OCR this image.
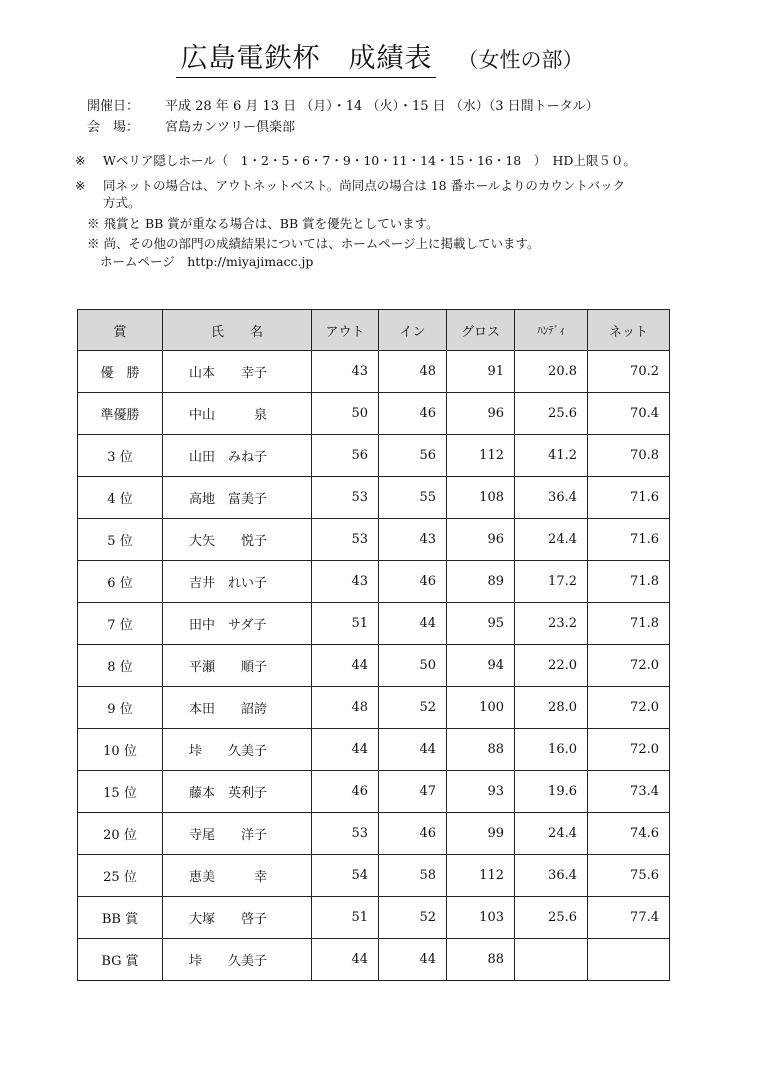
広島電鉄杯　成績表 （女性の部）
開催日： 平成 28 年 6 月 13 日 （月）・14 （火）・15 日 （水）（3 日間トータル）
会　場： 宮島カンツリー倶楽部
※ Wペリア隠しホール（　1・2・5・6・7・9・10・11・14・15・16・18　）　HD上限５０。
※ 同ネットの場合は、アウトネットベスト。尚同点の場合は 18 番ホールよりのカウントバック
方式。
※ 飛賞と BB 賞が重なる場合は、BB 賞を優先としています。
※ 尚、その他の部門の成績結果については、ホームページ上に掲載しています。
ホームページ　http://miyajimacc.jp
賞	氏　　名	アウト	イン	グロス	ﾊﾝﾃﾞｨ	ネット
優　勝	山本　　幸子	43	48	91	20.8	70.2
準優勝	中山　　　泉	50	46	96	25.6	70.4
3 位	山田　みね子	56	56	112	41.2	70.8
4 位	高地　富美子	53	55	108	36.4	71.6
5 位	大矢　　悦子	53	43	96	24.4	71.6
6 位	吉井　れい子	43	46	89	17.2	71.8
7 位	田中　サダ子	51	44	95	23.2	71.8
8 位	平瀬　　順子	44	50	94	22.0	72.0
9 位	本田　　詔誇	48	52	100	28.0	72.0
10 位	垰　　久美子	44	44	88	16.0	72.0
15 位	藤本　英利子	46	47	93	19.6	73.4
20 位	寺尾　　洋子	53	46	99	24.4	74.6
25 位	恵美　　　幸	54	58	112	36.4	75.6
BB 賞	大塚　　啓子	51	52	103	25.6	77.4
BG 賞	垰　　久美子	44	44	88		
